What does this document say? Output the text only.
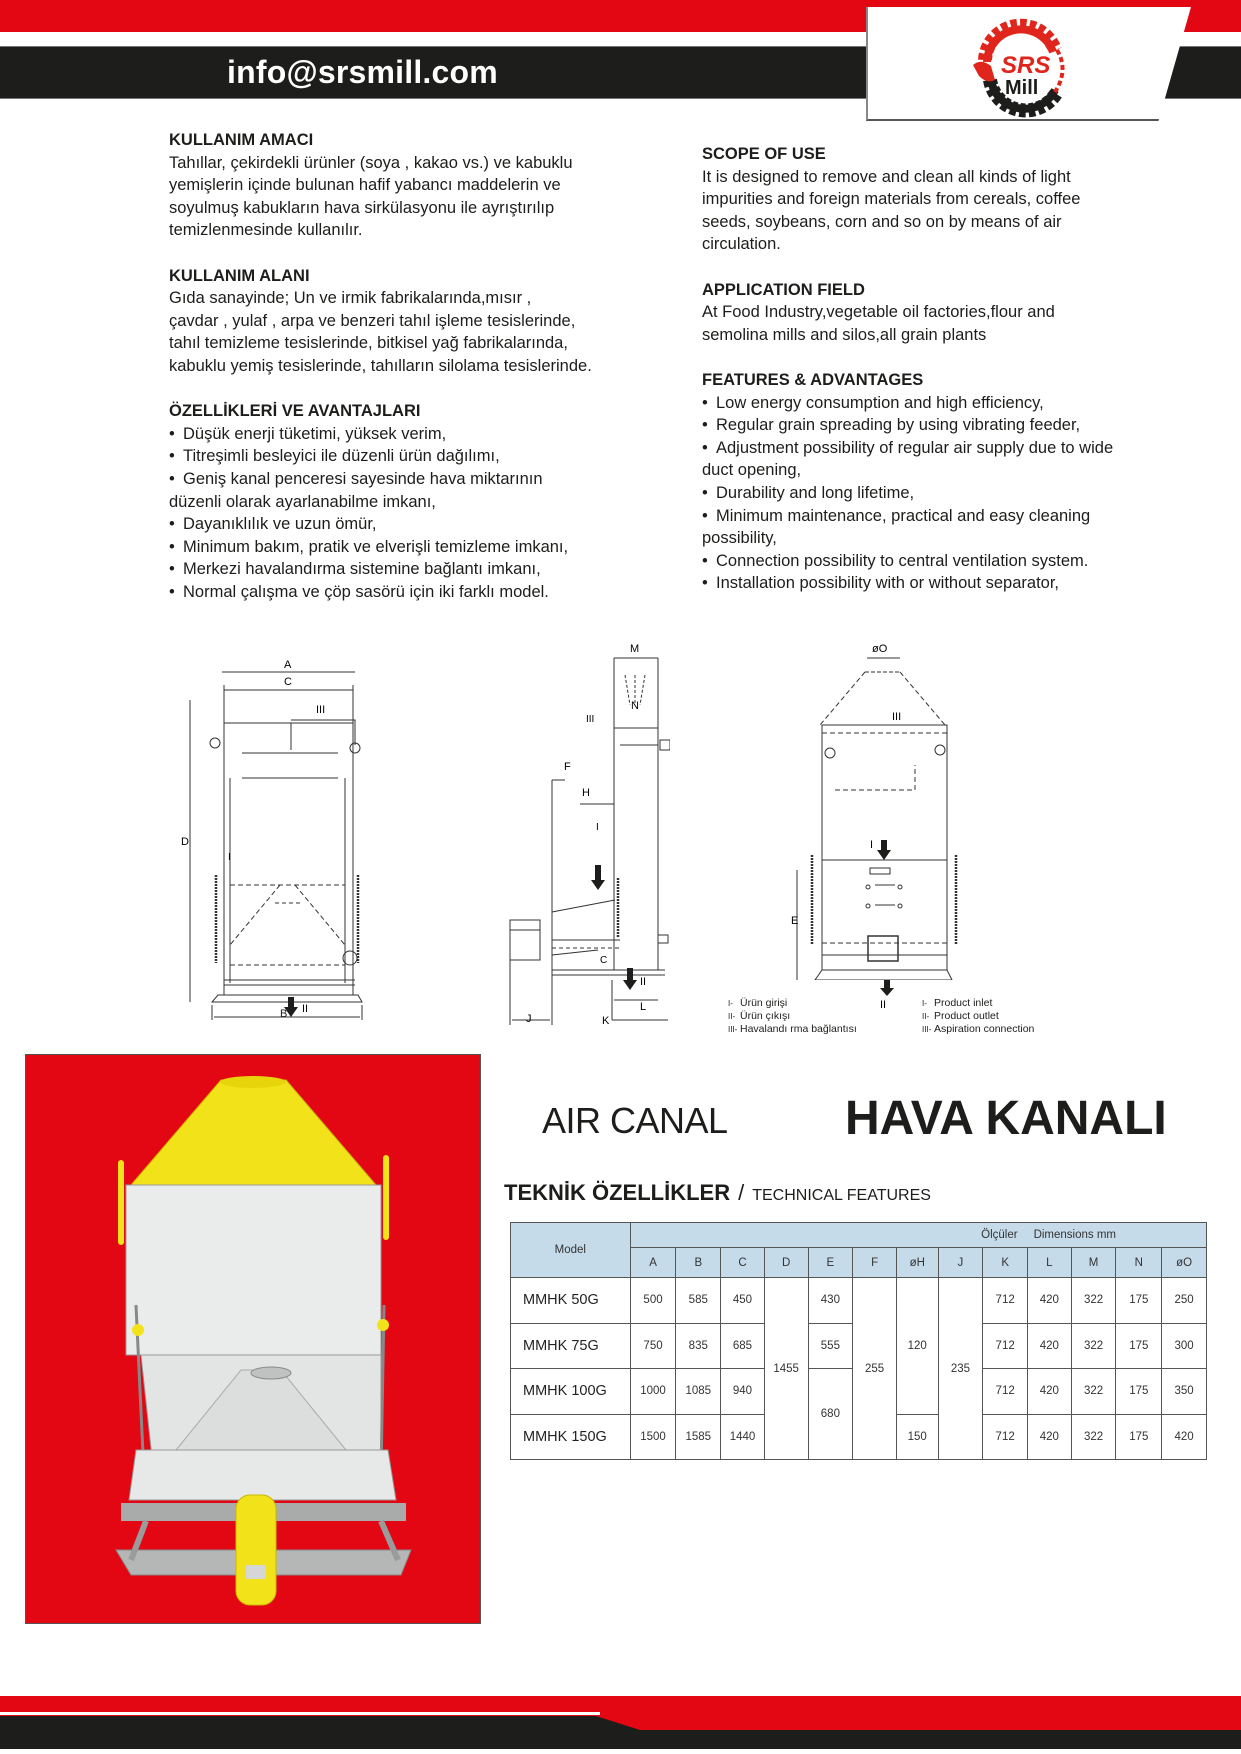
info@srsmill.com	SRS
Mill
KULLANIM AMACI

Tahıllar, çekirdekli ürünler (soya , kakao vs.) ve kabuklu
yemişlerin içinde bulunan hafif yabancı maddelerin ve
soyulmuş kabukların hava sirkülasyonu ile ayrıştırılıp
temizlenmesinde kullanılır.

KULLANIM ALANI

Gıda sanayinde; Un ve irmik fabrikalarında,mısır ,
çavdar , yulaf , arpa ve benzeri tahıl işleme tesislerinde,
tahıl temizleme tesislerinde, bitkisel yağ fabrikalarında,
kabuklu yemiş tesislerinde, tahılların silolama tesislerinde.

ÖZELLİKLERİ VE AVANTAJLARI
• Düşük enerji tüketimi, yüksek verim,
• Titreşimli besleyici ile düzenli ürün dağılımı,
• Geniş kanal penceresi sayesinde hava miktarının
düzenli olarak ayarlanabilme imkanı,
• Dayanıklılık ve uzun ömür,
• Minimum bakım, pratik ve elverişli temizleme imkanı,
• Merkezi havalandırma sistemine bağlantı imkanı,
• Normal çalışma ve çöp sasörü için iki farklı model.
SCOPE OF USE

It is designed to remove and clean all kinds of light
impurities and foreign materials from cereals, coffee
seeds, soybeans, corn and so on by means of air
circulation.

APPLICATION FIELD

At Food Industry,vegetable oil factories,flour and
semolina mills and silos,all grain plants

FEATURES & ADVANTAGES
• Low energy consumption and high efficiency,
• Regular grain spreading by using vibrating feeder,
• Adjustment possibility of regular air supply due to wide
duct opening,
• Durability and long lifetime,
• Minimum maintenance, practical and easy cleaning
possibility,
• Connection possibility to central ventilation system.
• Installation possibility with or without separator,
A
C
D
III
I
II
B
M
N
III
F
H
I
C
II
L
J	K
øO
III
I
E
II
I- Ürün girişi
II- Ürün çıkışı
III- Havalandı rma bağlantısı
I- Product inlet
II- Product outlet
III- Aspiration connection
AIR CANAL HAVA KANALI
TEKNİK ÖZELLİKLER / TECHNICAL FEATURES
Model	Ölçüler Dimensions mm												
	A	B	C	D	E	F	øH	J	K	L	M	N	øO
MMHK 50G	500	585	450	1455	430	255	120	235	712	420	322	175	250
MMHK 75G	750	835	685		555				712	420	322	175	300
MMHK 100G	1000	1085	940		680				712	420	322	175	350
MMHK 150G	1500	1585	1440				150		712	420	322	175	420
